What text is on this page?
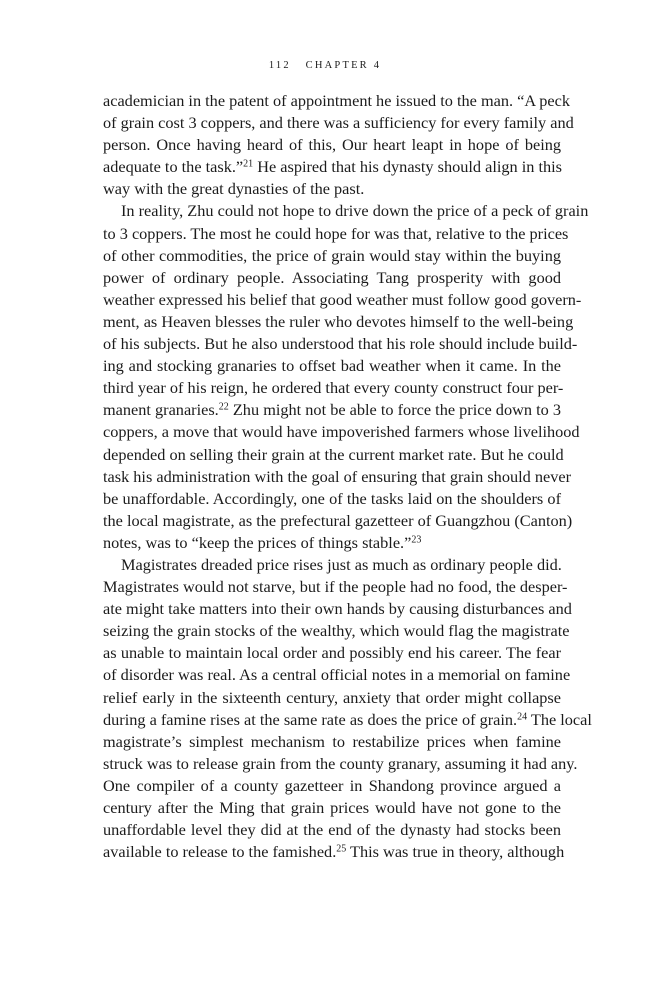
112 CHAPTER 4
academician in the patent of appointment he issued to the man. “A peck
of grain cost 3 coppers, and there was a sufficiency for every family and
person. Once having heard of this, Our heart leapt in hope of being
adequate to the task.”$^{21}$ He aspired that his dynasty should align in this
way with the great dynasties of the past.
In reality, Zhu could not hope to drive down the price of a peck of grain
to 3 coppers. The most he could hope for was that, relative to the prices
of other commodities, the price of grain would stay within the buying
power of ordinary people. Associating Tang prosperity with good
weather expressed his belief that good weather must follow good govern-
ment, as Heaven blesses the ruler who devotes himself to the well-being
of his subjects. But he also understood that his role should include build-
ing and stocking granaries to offset bad weather when it came. In the
third year of his reign, he ordered that every county construct four per-
manent granaries.$^{22}$ Zhu might not be able to force the price down to 3
coppers, a move that would have impoverished farmers whose livelihood
depended on selling their grain at the current market rate. But he could
task his administration with the goal of ensuring that grain should never
be unaffordable. Accordingly, one of the tasks laid on the shoulders of
the local magistrate, as the prefectural gazetteer of Guangzhou (Canton)
notes, was to “keep the prices of things stable.”$^{23}$
Magistrates dreaded price rises just as much as ordinary people did.
Magistrates would not starve, but if the people had no food, the desper-
ate might take matters into their own hands by causing disturbances and
seizing the grain stocks of the wealthy, which would flag the magistrate
as unable to maintain local order and possibly end his career. The fear
of disorder was real. As a central official notes in a memorial on famine
relief early in the sixteenth century, anxiety that order might collapse
during a famine rises at the same rate as does the price of grain.$^{24}$ The local
magistrate’s simplest mechanism to restabilize prices when famine
struck was to release grain from the county granary, assuming it had any.
One compiler of a county gazetteer in Shandong province argued a
century after the Ming that grain prices would have not gone to the
unaffordable level they did at the end of the dynasty had stocks been
available to release to the famished.$^{25}$ This was true in theory, although
